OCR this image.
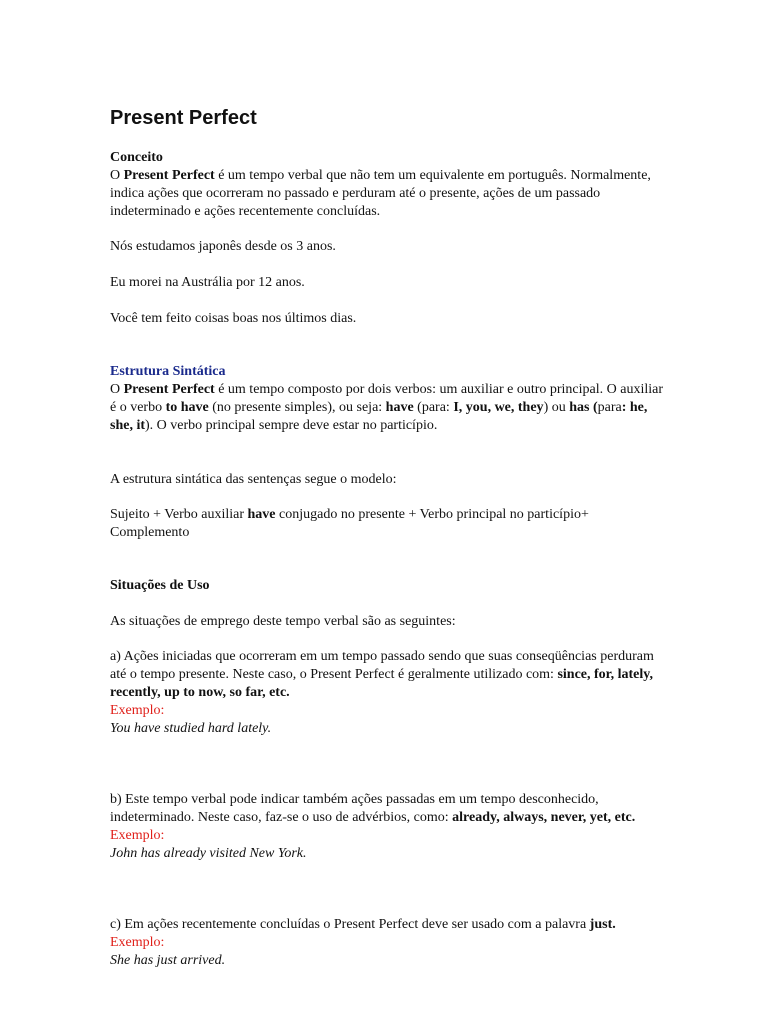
Present Perfect

Conceito

O Present Perfect é um tempo verbal que não tem um equivalente em português. Normalmente, indica ações que ocorreram no passado e perduram até o presente, ações de um passado indeterminado e ações recentemente concluídas.

Nós estudamos japonês desde os 3 anos.

Eu morei na Austrália por 12 anos.

Você tem feito coisas boas nos últimos dias.

Estrutura Sintática

O Present Perfect é um tempo composto por dois verbos: um auxiliar e outro principal. O auxiliar é o verbo to have (no presente simples), ou seja: have (para: I, you, we, they) ou has (para: he, she, it). O verbo principal sempre deve estar no particípio.

A estrutura sintática das sentenças segue o modelo:

Sujeito + Verbo auxiliar have conjugado no presente + Verbo principal no particípio+ Complemento

Situações de Uso

As situações de emprego deste tempo verbal são as seguintes:

a) Ações iniciadas que ocorreram em um tempo passado sendo que suas conseqüências perduram até o tempo presente. Neste caso, o Present Perfect é geralmente utilizado com: since, for, lately, recently, up to now, so far, etc.

Exemplo:

You have studied hard lately.

b) Este tempo verbal pode indicar também ações passadas em um tempo desconhecido, indeterminado. Neste caso, faz-se o uso de advérbios, como: already, always, never, yet, etc.

Exemplo:

John has already visited New York.

c) Em ações recentemente concluídas o Present Perfect deve ser usado com a palavra just.

Exemplo:

She has just arrived.
